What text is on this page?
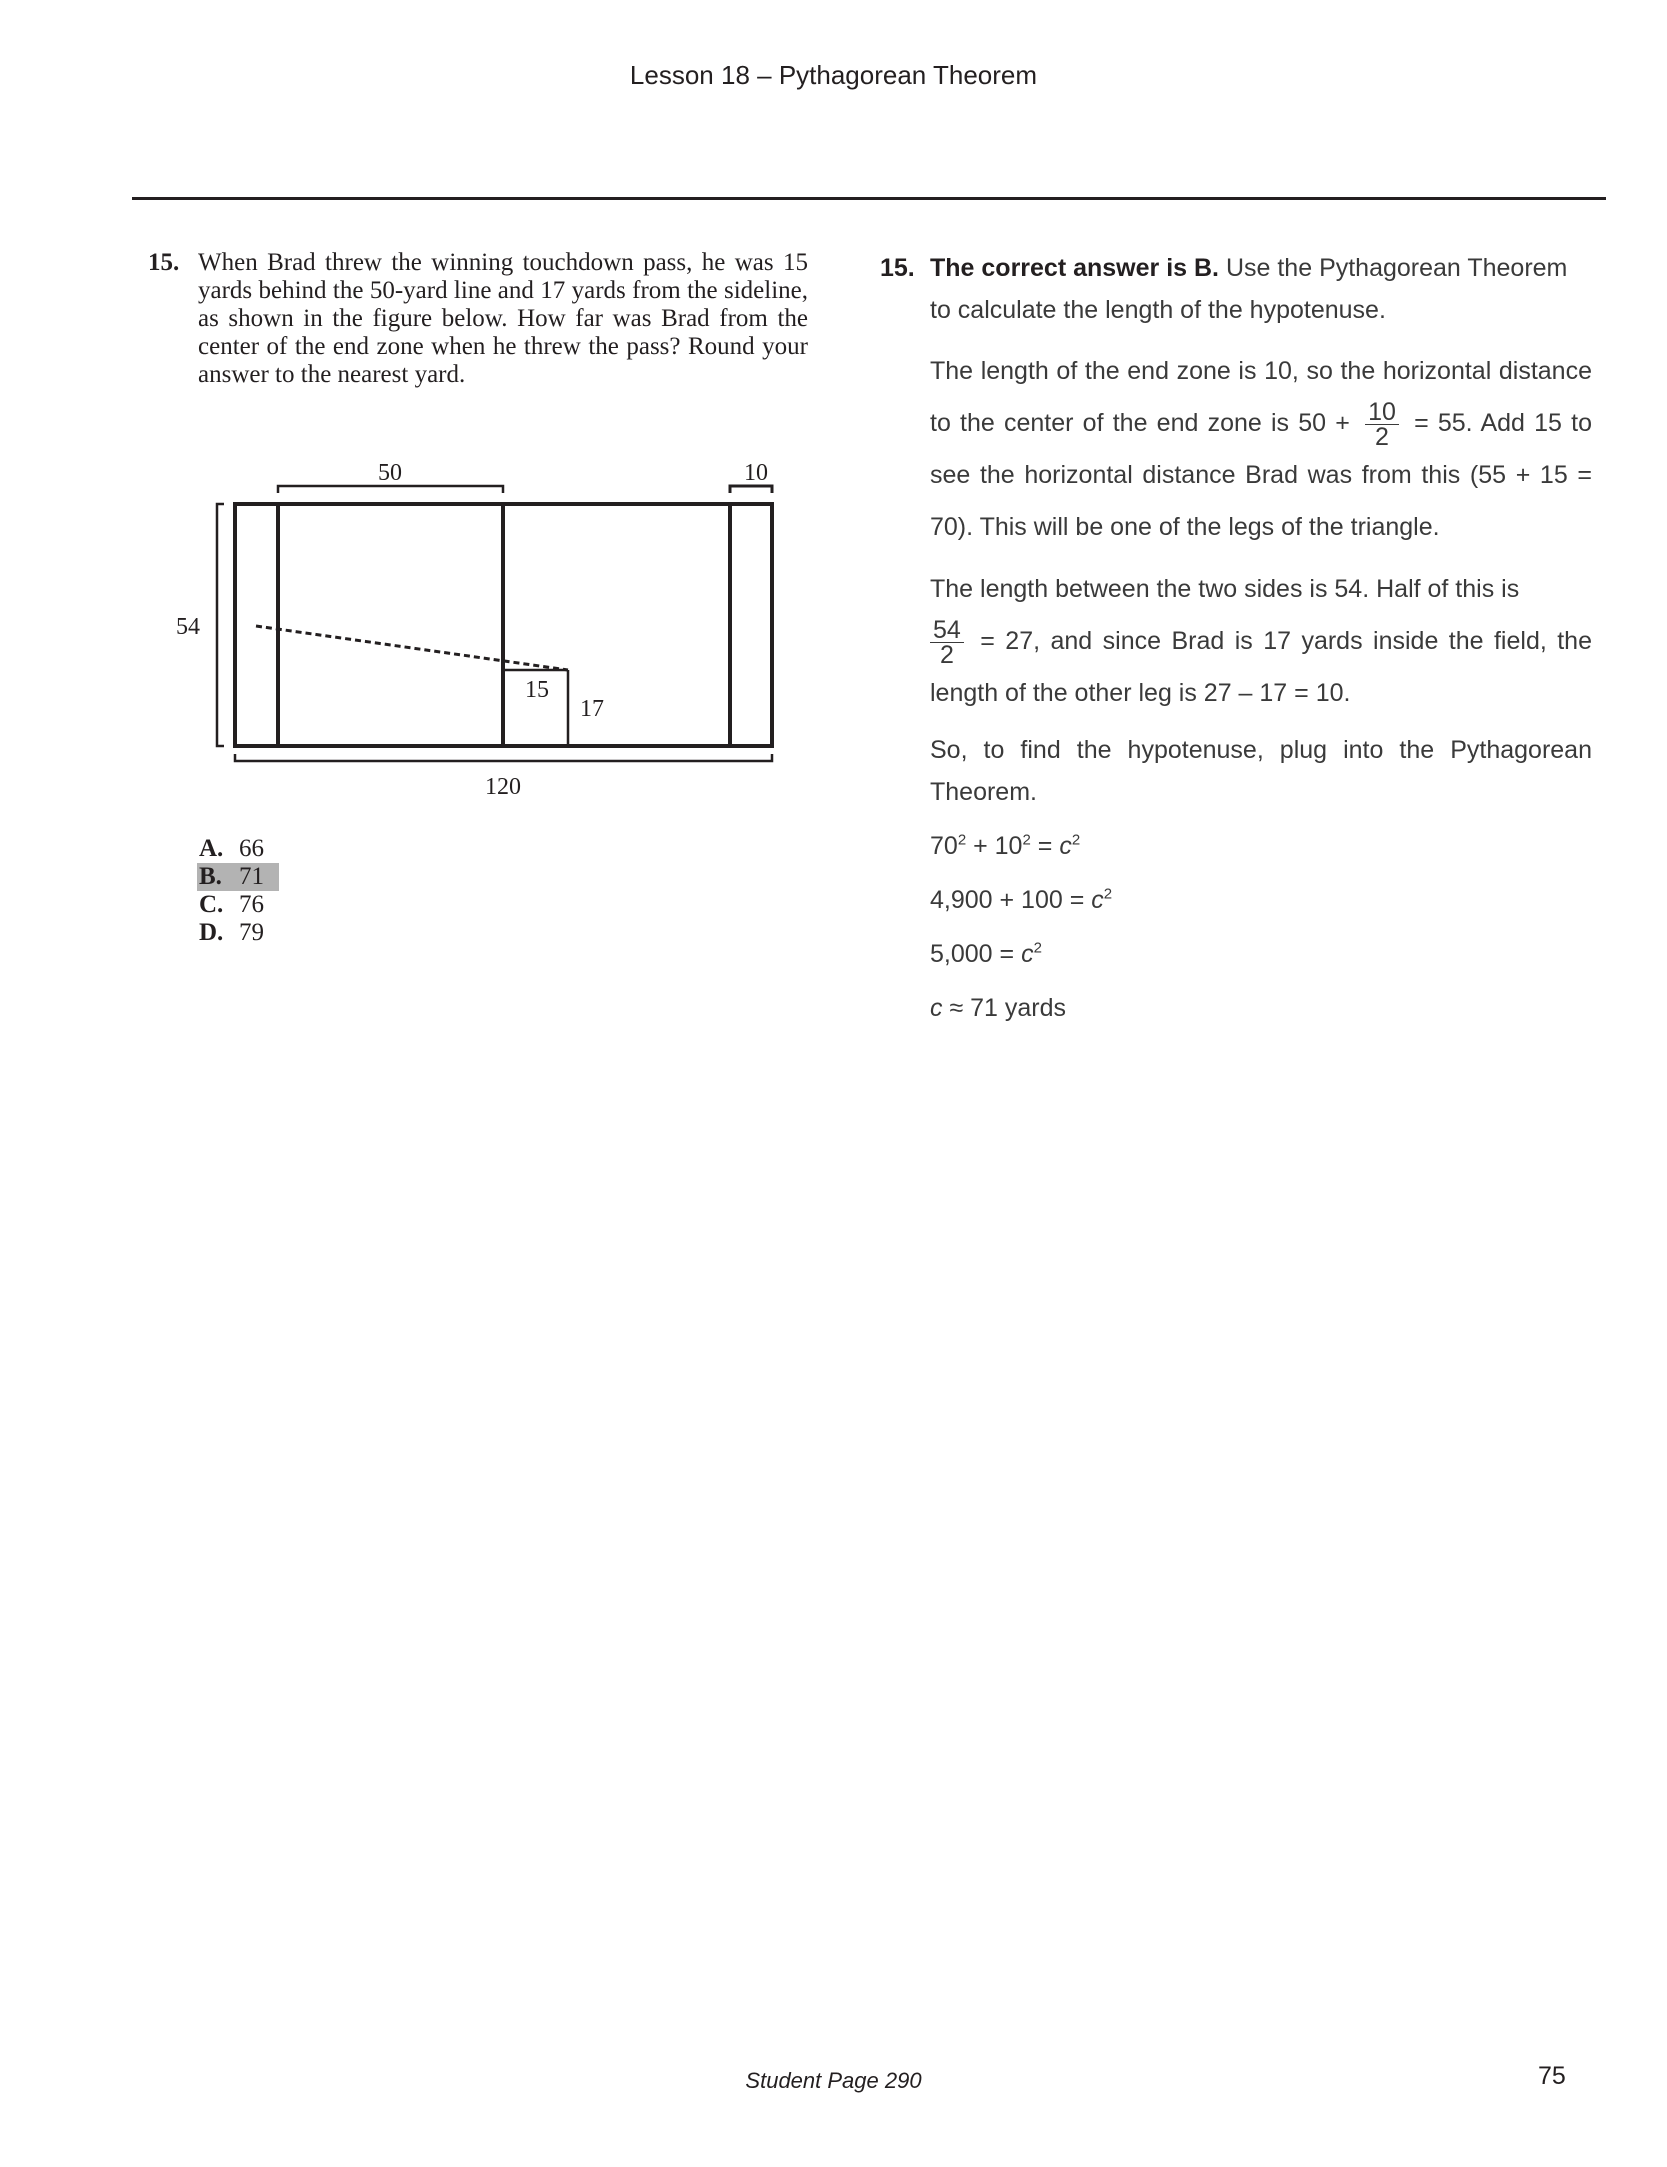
Lesson 18 – Pythagorean Theorem
15. When Brad threw the winning touchdown pass, he was 15 yards behind the 50-yard line and 17 yards from the sideline, as shown in the figure below. How far was Brad from the center of the end zone when he threw the pass? Round your answer to the nearest yard.
50	10
54
15
17
120
A. 66
B. 71
C. 76
D. 79
15. The correct answer is B. Use the Pythagorean Theorem to calculate the length of the hypotenuse.
The length of the end zone is 10, so the horizontal distance to the center of the end zone is $50 + \frac{10}{2} = 55$. Add 15 to see the horizontal distance Brad was from this (55 + 15 = 70). This will be one of the legs of the triangle.
The length between the two sides is 54. Half of this is

$\frac{54}{2} = 27$, and since Brad is 17 yards inside the field, the length of the other leg is 27 – 17 = 10.
So, to find the hypotenuse, plug into the Pythagorean Theorem.
$70^2 + 10^2 = c^2$
$4,900 + 100 = c^2$
$5,000 = c^2$
c ≈ 71 yards
Student Page 290	75
